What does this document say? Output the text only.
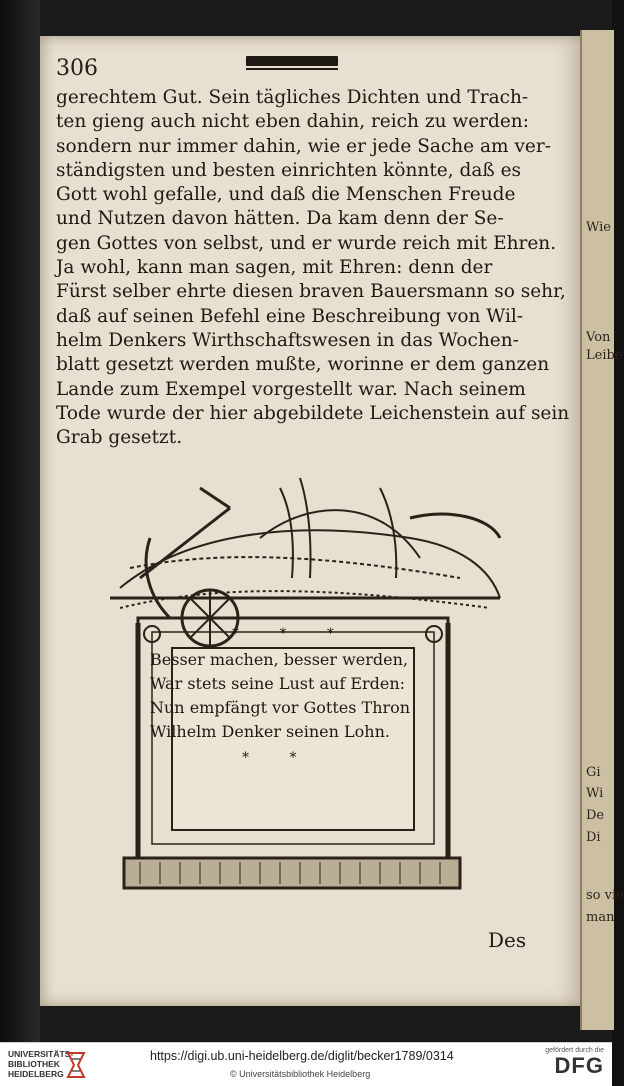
Wie
Von
Leibe
Gi
Wi
De
Di
so vie
man
306
gerechtem Gut. Sein tägliches Dichten und Trach-
ten gieng auch nicht eben dahin, reich zu werden:
sondern nur immer dahin, wie er jede Sache am ver-
ständigsten und besten einrichten könnte, daß es
Gott wohl gefalle, und daß die Menschen Freude
und Nutzen davon hätten. Da kam denn der Se-
gen Gottes von selbst, und er wurde reich mit Ehren.
Ja wohl, kann man sagen, mit Ehren: denn der
Fürst selber ehrte diesen braven Bauersmann so sehr,
daß auf seinen Befehl eine Beschreibung von Wil-
helm Denkers Wirthschaftswesen in das Wochen-
blatt gesetzt werden mußte, worinne er dem ganzen
Lande zum Exempel vorgestellt war. Nach seinem
Tode wurde der hier abgebildete Leichenstein auf sein
Grab gesetzt.
* * *
Besser machen, besser werden,
War stets seine Lust auf Erden:
Nun empfängt vor Gottes Thron
Wilhelm Denker seinen Lohn.
* *
Des
UNIVERSITÄTS-
BIBLIOTHEK
HEIDELBERG
https://digi.ub.uni-heidelberg.de/diglit/becker1789/0314
© Universitätsbibliothek Heidelberg
gefördert durch die
DFG
